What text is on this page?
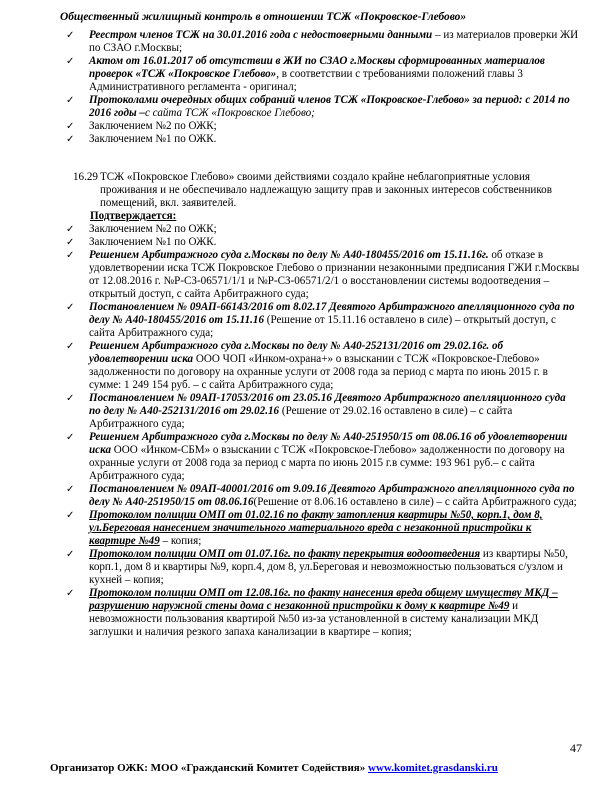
Общественный жилищный контроль в отношении ТСЖ «Покровское-Глебово»
✓ Реестром членов ТСЖ на 30.01.2016 года с недостоверными данными – из материалов проверки ЖИ по СЗАО г.Москвы;
✓ Актом от 16.01.2017 об отсутствии в ЖИ по СЗАО г.Москвы сформированных материалов проверок «ТСЖ «Покровское Глебово», в соответствии с требованиями положений главы 3 Административного регламента - оригинал;
✓ Протоколами очередных общих собраний членов ТСЖ «Покровское-Глебово» за период: с 2014 по 2016 годы –с сайта ТСЖ «Покровское Глебово;
✓ Заключением №2 по ОЖК;
✓ Заключением №1 по ОЖК.
16.29 ТСЖ «Покровское Глебово» своими действиями создало крайне неблагоприятные условия проживания и не обеспечивало надлежащую защиту прав и законных интересов собственников помещений, вкл. заявителей.
Подтверждается:
✓ Заключением №2 по ОЖК;
✓ Заключением №1 по ОЖК.
✓ Решением Арбитражного суда г.Москвы по делу № А40-180455/2016 от 15.11.16г. об отказе в удовлетворении иска ТСЖ Покровское Глебово о признании незаконными предписания ГЖИ г.Москвы от 12.08.2016 г. №Р-СЗ-06571/1/1 и №Р-СЗ-06571/2/1 о восстановлении системы водоотведения – открытый доступ, с сайта Арбитражного суда;
✓ Постановлением № 09АП-66143/2016 от 8.02.17 Девятого Арбитражного апелляционного суда по делу № А40-180455/2016 от 15.11.16 (Решение от 15.11.16 оставлено в силе) – открытый доступ, с сайта Арбитражного суда;
✓ Решением Арбитражного суда г.Москвы по делу № А40-252131/2016 от 29.02.16г. об удовлетворении иска ООО ЧОП «Инком-охрана+» о взыскании с ТСЖ «Покровское-Глебово» задолженности по договору на охранные услуги от 2008 года за период с марта по июнь 2015 г. в сумме: 1 249 154 руб. – с сайта Арбитражного суда;
✓ Постановлением № 09АП-17053/2016 от 23.05.16 Девятого Арбитражного апелляционного суда по делу № А40-252131/2016 от 29.02.16 (Решение от 29.02.16 оставлено в силе) – с сайта Арбитражного суда;
✓ Решением Арбитражного суда г.Москвы по делу № А40-251950/15 от 08.06.16 об удовлетворении иска ООО «Инком-СБМ» о взыскании с ТСЖ «Покровское-Глебово» задолженности по договору на охранные услуги от 2008 года за период с марта по июнь 2015 г.в сумме: 193 961 руб.– с сайта Арбитражного суда;
✓ Постановлением № 09АП-40001/2016 от 9.09.16 Девятого Арбитражного апелляционного суда по делу № А40-251950/15 от 08.06.16(Решение от 8.06.16 оставлено в силе) – с сайта Арбитражного суда;
✓ Протоколом полиции ОМП от 01.02.16 по факту затопления квартиры №50, корп.1, дом 8, ул.Береговая нанесением значительного материального вреда с незаконной пристройки к квартире №49 – копия;
✓ Протоколом полиции ОМП от 01.07.16г. по факту перекрытия водоотведения из квартиры №50, корп.1, дом 8 и квартиры №9, корп.4, дом 8, ул.Береговая и невозможностью пользоваться с/узлом и кухней – копия;
✓ Протоколом полиции ОМП от 12.08.16г. по факту нанесения вреда общему имуществу МКД – разрушению наружной стены дома с незаконной пристройки к дому к квартире №49 и невозможности пользования квартирой №50 из-за установленной в систему канализации МКД заглушки и наличия резкого запаха канализации в квартире – копия;
47
Организатор ОЖК: МОО «Гражданский Комитет Содействия» www.komitet.grasdanski.ru
